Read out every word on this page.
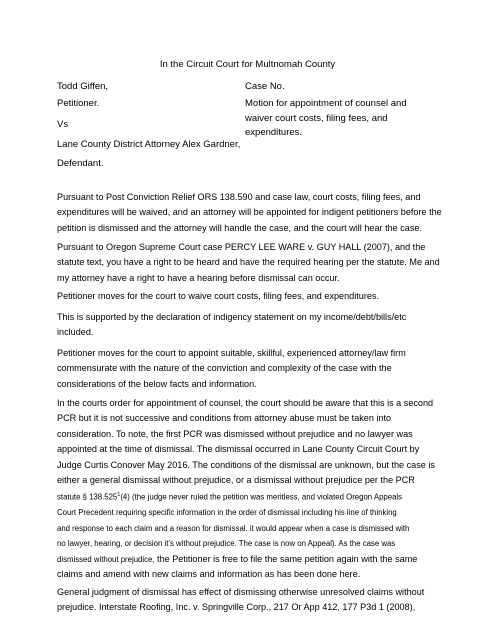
In the Circuit Court for Multnomah County
Todd Giffen,
Petitioner.
Vs
Lane County District Attorney Alex Gardner,
Defendant.
Case No.
Motion for appointment of counsel and
waiver court costs, filing fees, and
expenditures.
Pursuant to Post Conviction Relief ORS 138.590 and case law, court costs, filing fees, and
expenditures will be waived, and an attorney will be appointed for indigent petitioners before the
petition is dismissed and the attorney will handle the case, and the court will hear the case.
Pursuant to Oregon Supreme Court case PERCY LEE WARE v. GUY HALL (2007), and the
statute text, you have a right to be heard and have the required hearing per the statute. Me and
my attorney have a right to have a hearing before dismissal can occur.
Petitioner moves for the court to waive court costs, filing fees, and expenditures.
This is supported by the declaration of indigency statement on my income/debt/bills/etc
included.
Petitioner moves for the court to appoint suitable, skillful, experienced attorney/law firm
commensurate with the nature of the conviction and complexity of the case with the
considerations of the below facts and information.
In the courts order for appointment of counsel, the court should be aware that this is a second
PCR but it is not successive and conditions from attorney abuse must be taken into
consideration. To note, the first PCR was dismissed without prejudice and no lawyer was
appointed at the time of dismissal. The dismissal occurred in Lane County Circuit Court by
Judge Curtis Conover May 2016. The conditions of the dismissal are unknown, but the case is
either a general dismissal without prejudice, or a dismissal without prejudice per the PCR
statute § 138.525$^1$(4) (the judge never ruled the petition was meritless, and violated Oregon Appeals
Court Precedent requiring specific information in the order of dismissal including his line of thinking
and response to each claim and a reason for dismissal. it would appear when a case is dismissed with
no lawyer, hearing, or decision it’s without prejudice. The case is now on Appeal). As the case was
dismissed without prejudice, the Petitioner is free to file the same petition again with the same
claims and amend with new claims and information as has been done here.
General judgment of dismissal has effect of dismissing otherwise unresolved claims without
prejudice. Interstate Roofing, Inc. v. Springville Corp., 217 Or App 412, 177 P3d 1 (2008),
